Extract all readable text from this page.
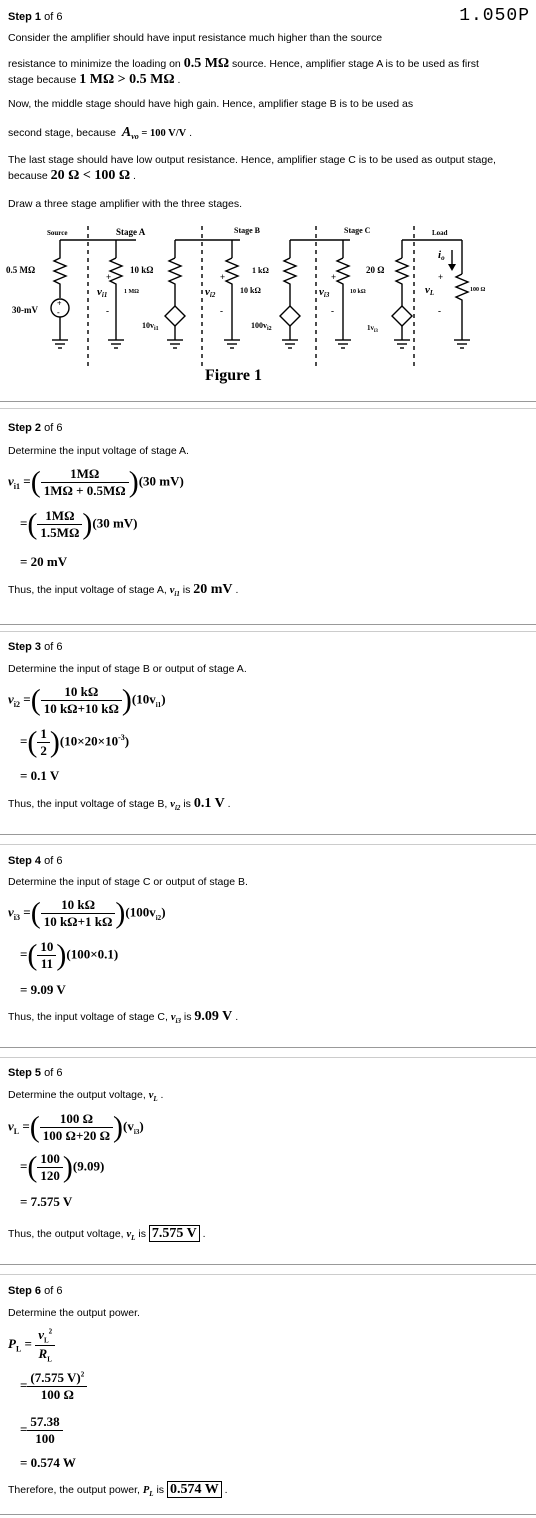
1.050P
Step 1 of 6
Consider the amplifier should have input resistance much higher than the source
resistance to minimize the loading on 0.5 MΩ source. Hence, amplifier stage A is to be used as first
stage because 1 MΩ > 0.5 MΩ .
Now, the middle stage should have high gain. Hence, amplifier stage B is to be used as
second stage, because $A_{vo} = 100$ V/V .
The last stage should have low output resistance. Hence, amplifier stage C is to be used as output stage,
because 20 Ω < 100 Ω .
Draw a three stage amplifier with the three stages.
Source	Stage A	Stage B	Stage C	Load
0.5 MΩ
30-mV
+
-
10 kΩ
1 MΩ
vi1
+
-
$10v_{i1}$
1 kΩ
10 kΩ
vi2
+
-
$100v_{i2}$
20 Ω
10 kΩ
vi3
+
-
$1v_{i3}$
io
vL
+
-
100 Ω
Figure 1
Step 2 of 6
Determine the input voltage of stage A.
$v_{i1}$ =( $\frac{1M\Omega}{1M\Omega + 0.5M\Omega} )(30$ mV)
=( $\frac{1M\Omega}{1.5M\Omega} )(30$ mV)
= 20 mV
Thus, the input voltage of stage A, $v_{i1}$ is 20 mV .
Step 3 of 6
Determine the input of stage B or output of stage A.
$v_{i2}$ =( $\frac{10 k\Omega}{10 k\Omega+10 k\Omega} )(10v_{i1})$
=( $\frac{1}{2} )(10\times 20\times 10^{-3})$
= 0.1 V
Thus, the input voltage of stage B, $v_{i2}$ is 0.1 V .
Step 4 of 6
Determine the input of stage C or output of stage B.
$v_{i3}$ =( $\frac{10 k\Omega}{10 k\Omega+1 k\Omega} )(100v_{i2})$
=( $\frac{10}{11} )(100\times 0.1)$
= 9.09 V
Thus, the input voltage of stage C, $v_{i3}$ is 9.09 V .
Step 5 of 6
Determine the output voltage, $v_L$ .
$v_L$ =( $\frac{100 \Omega}{100 \Omega+20 \Omega} )(v_{i3})$
=( $\frac{100}{120} )(9.09)$
= 7.575 V
Thus, the output voltage, $v_L$ is 7.575 V .
Step 6 of 6
Determine the output power.
$P_L = \frac{v_L^2}{R_L}$
= $\frac{(7.575 V)^2}{100 \Omega}$
= $\frac{57.38}{100}$
= 0.574 W
Therefore, the output power, $P_L$ is 0.574 W .
